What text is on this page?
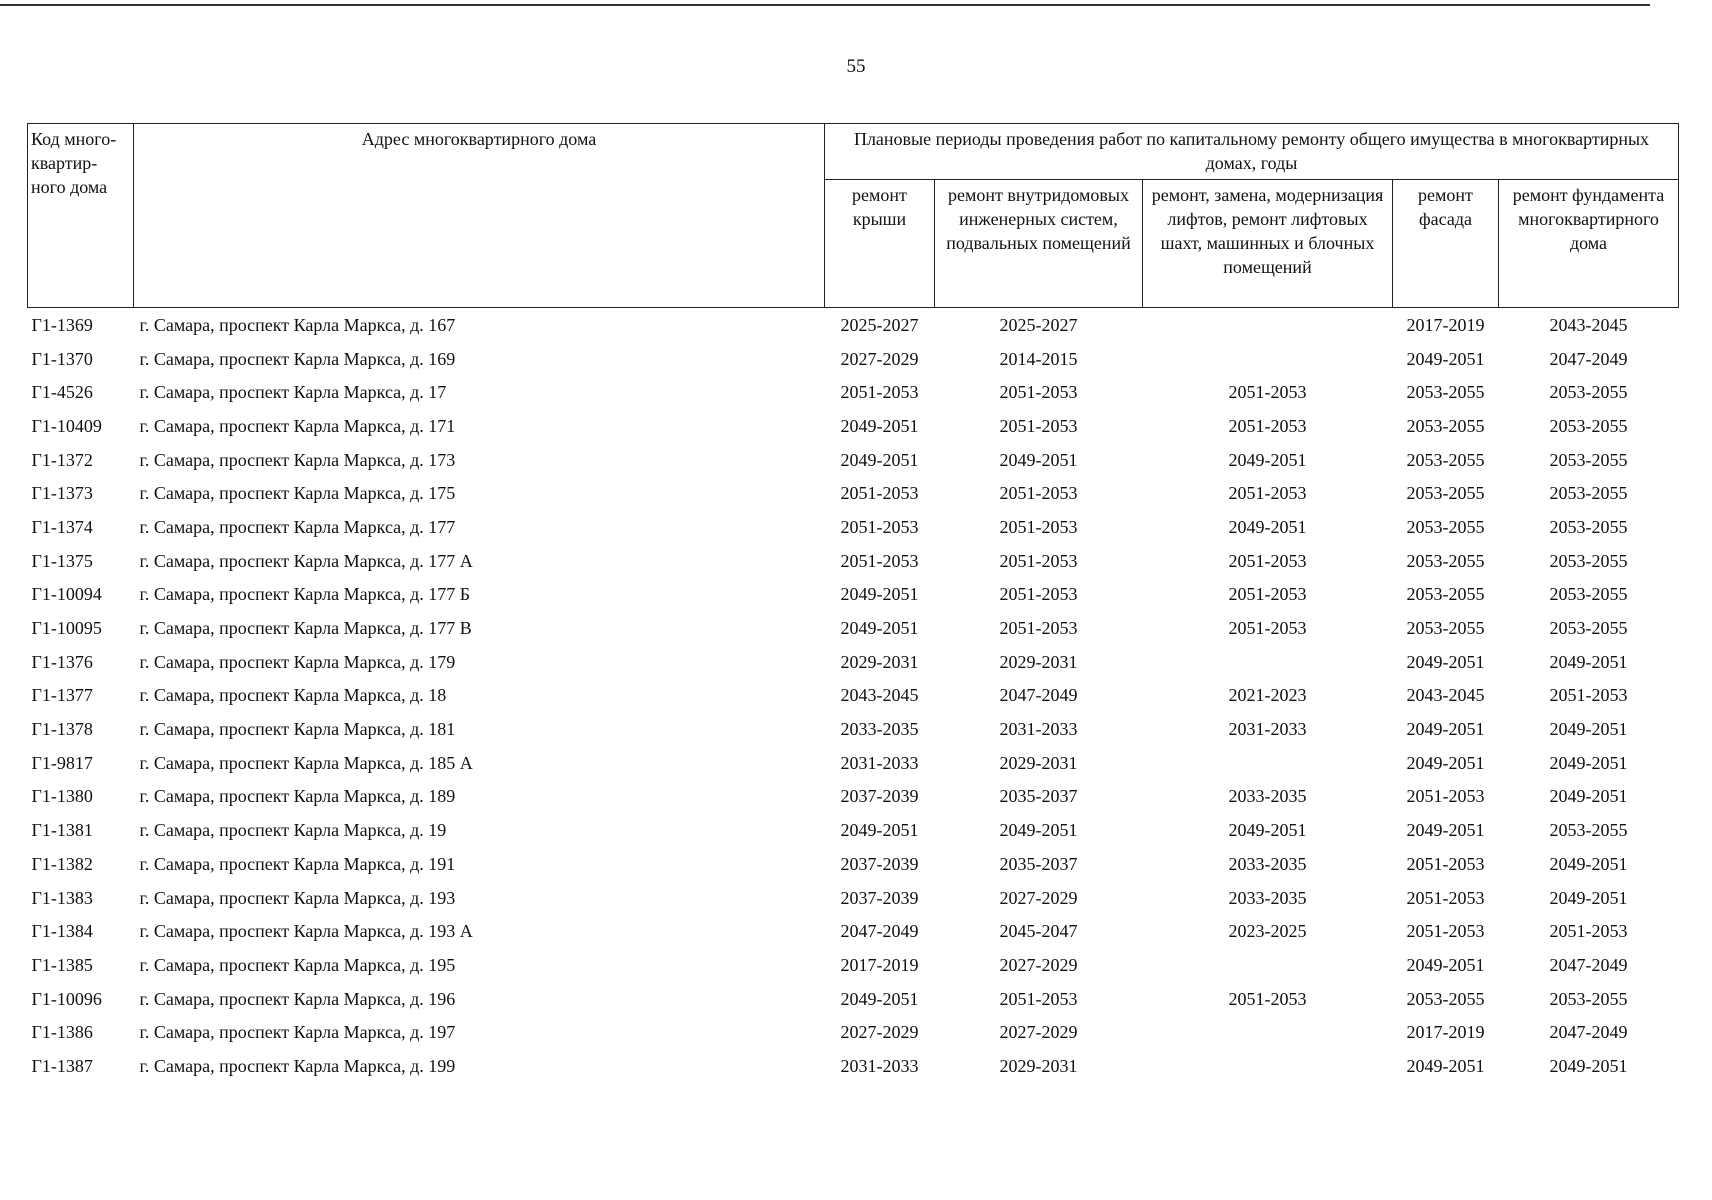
55
Код много-квартир-ного дома	Адрес многоквартирного дома	Плановые периоды проведения работ по капитальному ремонту общего имущества в многоквартирных домах, годы				
		ремонт крыши	ремонт внутридомовых инженерных систем, подвальных помещений	ремонт, замена, модернизация лифтов, ремонт лифтовых шахт, машинных и блочных помещений	ремонт фасада	ремонт фундамента многоквартирного дома
Г1-1369	г. Самара, проспект Карла Маркса, д. 167	2025-2027	2025-2027		2017-2019	2043-2045
Г1-1370	г. Самара, проспект Карла Маркса, д. 169	2027-2029	2014-2015		2049-2051	2047-2049
Г1-4526	г. Самара, проспект Карла Маркса, д. 17	2051-2053	2051-2053	2051-2053	2053-2055	2053-2055
Г1-10409	г. Самара, проспект Карла Маркса, д. 171	2049-2051	2051-2053	2051-2053	2053-2055	2053-2055
Г1-1372	г. Самара, проспект Карла Маркса, д. 173	2049-2051	2049-2051	2049-2051	2053-2055	2053-2055
Г1-1373	г. Самара, проспект Карла Маркса, д. 175	2051-2053	2051-2053	2051-2053	2053-2055	2053-2055
Г1-1374	г. Самара, проспект Карла Маркса, д. 177	2051-2053	2051-2053	2049-2051	2053-2055	2053-2055
Г1-1375	г. Самара, проспект Карла Маркса, д. 177 А	2051-2053	2051-2053	2051-2053	2053-2055	2053-2055
Г1-10094	г. Самара, проспект Карла Маркса, д. 177 Б	2049-2051	2051-2053	2051-2053	2053-2055	2053-2055
Г1-10095	г. Самара, проспект Карла Маркса, д. 177 В	2049-2051	2051-2053	2051-2053	2053-2055	2053-2055
Г1-1376	г. Самара, проспект Карла Маркса, д. 179	2029-2031	2029-2031		2049-2051	2049-2051
Г1-1377	г. Самара, проспект Карла Маркса, д. 18	2043-2045	2047-2049	2021-2023	2043-2045	2051-2053
Г1-1378	г. Самара, проспект Карла Маркса, д. 181	2033-2035	2031-2033	2031-2033	2049-2051	2049-2051
Г1-9817	г. Самара, проспект Карла Маркса, д. 185 А	2031-2033	2029-2031		2049-2051	2049-2051
Г1-1380	г. Самара, проспект Карла Маркса, д. 189	2037-2039	2035-2037	2033-2035	2051-2053	2049-2051
Г1-1381	г. Самара, проспект Карла Маркса, д. 19	2049-2051	2049-2051	2049-2051	2049-2051	2053-2055
Г1-1382	г. Самара, проспект Карла Маркса, д. 191	2037-2039	2035-2037	2033-2035	2051-2053	2049-2051
Г1-1383	г. Самара, проспект Карла Маркса, д. 193	2037-2039	2027-2029	2033-2035	2051-2053	2049-2051
Г1-1384	г. Самара, проспект Карла Маркса, д. 193 А	2047-2049	2045-2047	2023-2025	2051-2053	2051-2053
Г1-1385	г. Самара, проспект Карла Маркса, д. 195	2017-2019	2027-2029		2049-2051	2047-2049
Г1-10096	г. Самара, проспект Карла Маркса, д. 196	2049-2051	2051-2053	2051-2053	2053-2055	2053-2055
Г1-1386	г. Самара, проспект Карла Маркса, д. 197	2027-2029	2027-2029		2017-2019	2047-2049
Г1-1387	г. Самара, проспект Карла Маркса, д. 199	2031-2033	2029-2031		2049-2051	2049-2051
